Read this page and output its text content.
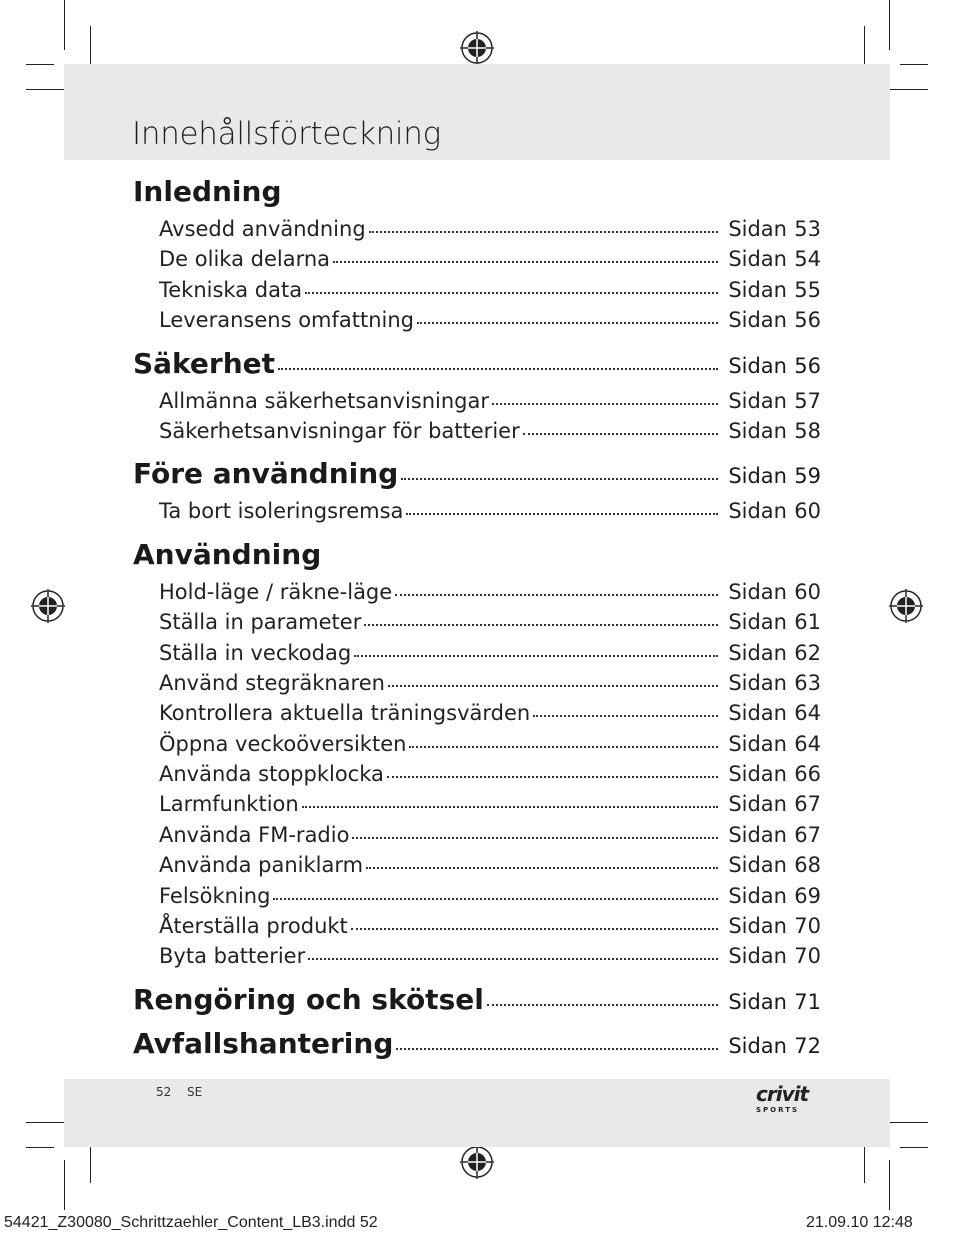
Innehållsförteckning
Inledning
Avsedd användning	Sidan 53
De olika delarna	Sidan 54
Tekniska data	Sidan 55
Leveransens omfattning	Sidan 56
Säkerhet	Sidan 56
Allmänna säkerhetsanvisningar	Sidan 57
Säkerhetsanvisningar för batterier	Sidan 58
Före användning	Sidan 59
Ta bort isoleringsremsa	Sidan 60
Användning
Hold-läge / räkne-läge	Sidan 60
Ställa in parameter	Sidan 61
Ställa in veckodag	Sidan 62
Använd stegräknaren	Sidan 63
Kontrollera aktuella träningsvärden	Sidan 64
Öppna veckoöversikten	Sidan 64
Använda stoppklocka	Sidan 66
Larmfunktion	Sidan 67
Använda FM-radio	Sidan 67
Använda paniklarm	Sidan 68
Felsökning	Sidan 69
Återställa produkt	Sidan 70
Byta batterier	Sidan 70
Rengöring och skötsel	Sidan 71
Avfallshantering	Sidan 72
52 SE	crivit
SPORTS
54421_Z30080_Schrittzaehler_Content_LB3.indd 52	21.09.10 12:48
